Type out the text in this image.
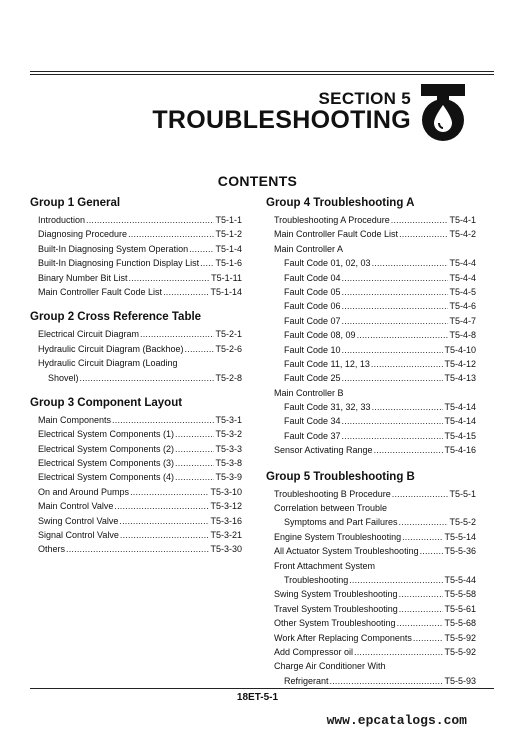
SECTION 5
TROUBLESHOOTING
CONTENTS
Group 1 General
Introduction .....	T5-1-1
Diagnosing Procedure .....	T5-1-2
Built-In Diagnosing System Operation .....	T5-1-4
Built-In Diagnosing Function Display List ..... T5-1-6
Binary Number Bit List .....	T5-1-11
Main Controller Fault Code List .....	T5-1-14
Group 2 Cross Reference Table
Electrical Circuit Diagram .....	T5-2-1
Hydraulic Circuit Diagram (Backhoe) .....	T5-2-6
Hydraulic Circuit Diagram (Loading
Shovel) .....	T5-2-8
Group 3 Component Layout
Main Components .....	T5-3-1
Electrical System Components (1) .....	T5-3-2
Electrical System Components (2) .....	T5-3-3
Electrical System Components (3) .....	T5-3-8
Electrical System Components (4) .....	T5-3-9
On and Around Pumps .....	T5-3-10
Main Control Valve .....	T5-3-12
Swing Control Valve .....	T5-3-16
Signal Control Valve .....	T5-3-21
Others .....	T5-3-30
Group 4 Troubleshooting A
Troubleshooting A Procedure .....	T5-4-1
Main Controller Fault Code List .....	T5-4-2
Main Controller A
Fault Code 01, 02, 03 .....	T5-4-4
Fault Code 04 .....	T5-4-4
Fault Code 05 .....	T5-4-5
Fault Code 06 .....	T5-4-6
Fault Code 07 .....	T5-4-7
Fault Code 08, 09 .....	T5-4-8
Fault Code 10 .....	T5-4-10
Fault Code 11, 12, 13 .....	T5-4-12
Fault Code 25 .....	T5-4-13
Main Controller B
Fault Code 31, 32, 33 .....	T5-4-14
Fault Code 34 .....	T5-4-14
Fault Code 37 .....	T5-4-15
Sensor Activating Range .....	T5-4-16
Group 5 Troubleshooting B
Troubleshooting B Procedure .....	T5-5-1
Correlation between Trouble
Symptoms and Part Failures .....	T5-5-2
Engine System Troubleshooting .....	T5-5-14
All Actuator System Troubleshooting .....	T5-5-36
Front Attachment System
Troubleshooting .....	T5-5-44
Swing System Troubleshooting .....	T5-5-58
Travel System Troubleshooting .....	T5-5-61
Other System Troubleshooting .....	T5-5-68
Work After Replacing Components .....	T5-5-92
Add Compressor oil .....	T5-5-92
Charge Air Conditioner With
Refrigerant .....	T5-5-93
18ET-5-1
www.epcatalogs.com
